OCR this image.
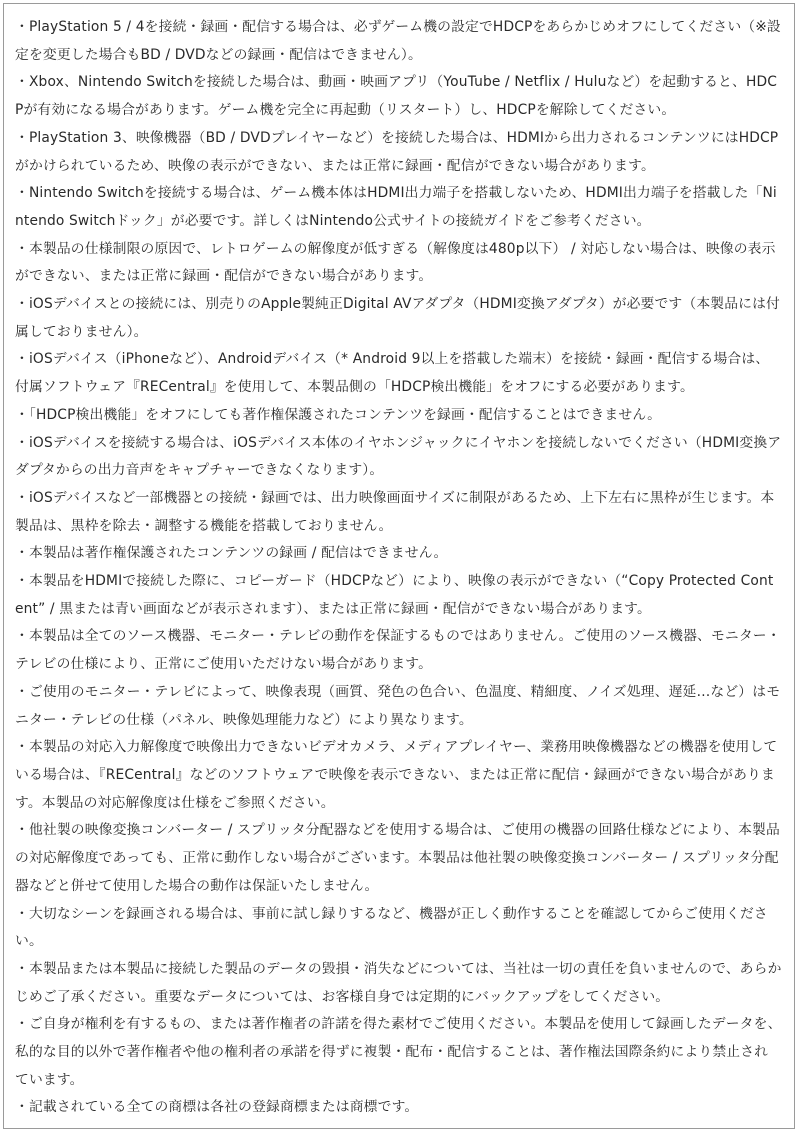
・PlayStation 5 / 4を接続・録画・配信する場合は、必ずゲーム機の設定でHDCPをあらかじめオフにしてください（※設定を変更した場合もBD / DVDなどの録画・配信はできません）。
・Xbox、Nintendo Switchを接続した場合は、動画・映画アプリ（YouTube / Netflix / Huluなど）を起動すると、HDCPが有効になる場合があります。ゲーム機を完全に再起動（リスタート）し、HDCPを解除してください。
・PlayStation 3、映像機器（BD / DVDプレイヤーなど）を接続した場合は、HDMIから出力されるコンテンツにはHDCPがかけられているため、映像の表示ができない、または正常に録画・配信ができない場合があります。
・Nintendo Switchを接続する場合は、ゲーム機本体はHDMI出力端子を搭載しないため、HDMI出力端子を搭載した「Nintendo Switchドック」が必要です。詳しくはNintendo公式サイトの接続ガイドをご参考ください。
・本製品の仕様制限の原因で、レトロゲームの解像度が低すぎる（解像度は480p以下） / 対応しない場合は、映像の表示ができない、または正常に録画・配信ができない場合があります。
・iOSデバイスとの接続には、別売りのApple製純正Digital AVアダプタ（HDMI変換アダプタ）が必要です（本製品には付属しておりません）。
・iOSデバイス（iPhoneなど）、Androidデバイス（* Android 9以上を搭載した端末）を接続・録画・配信する場合は、付属ソフトウェア『RECentral』を使用して、本製品側の「HDCP検出機能」をオフにする必要があります。
・「HDCP検出機能」をオフにしても著作権保護されたコンテンツを録画・配信することはできません。
・iOSデバイスを接続する場合は、iOSデバイス本体のイヤホンジャックにイヤホンを接続しないでください（HDMI変換アダプタからの出力音声をキャプチャーできなくなります）。
・iOSデバイスなど一部機器との接続・録画では、出力映像画面サイズに制限があるため、上下左右に黒枠が生じます。本製品は、黒枠を除去・調整する機能を搭載しておりません。
・本製品は著作権保護されたコンテンツの録画 / 配信はできません。
・本製品をHDMIで接続した際に、コピーガード（HDCPなど）により、映像の表示ができない（“Copy Protected Content” / 黒または青い画面などが表示されます）、または正常に録画・配信ができない場合があります。
・本製品は全てのソース機器、モニター・テレビの動作を保証するものではありません。ご使用のソース機器、モニター・テレビの仕様により、正常にご使用いただけない場合があります。
・ご使用のモニター・テレビによって、映像表現（画質、発色の色合い、色温度、精細度、ノイズ処理、遅延…など）はモニター・テレビの仕様（パネル、映像処理能力など）により異なります。
・本製品の対応入力解像度で映像出力できないビデオカメラ、メディアプレイヤー、業務用映像機器などの機器を使用している場合は、『RECentral』などのソフトウェアで映像を表示できない、または正常に配信・録画ができない場合があります。本製品の対応解像度は仕様をご参照ください。
・他社製の映像変換コンバーター / スプリッタ分配器などを使用する場合は、ご使用の機器の回路仕様などにより、本製品の対応解像度であっても、正常に動作しない場合がございます。本製品は他社製の映像変換コンバーター / スプリッタ分配器などと併せて使用した場合の動作は保証いたしません。
・大切なシーンを録画される場合は、事前に試し録りするなど、機器が正しく動作することを確認してからご使用ください。
・本製品または本製品に接続した製品のデータの毀損・消失などについては、当社は一切の責任を負いませんので、あらかじめご了承ください。重要なデータについては、お客様自身では定期的にバックアップをしてください。
・ご自身が権利を有するもの、または著作権者の許諾を得た素材でご使用ください。本製品を使用して録画したデータを、私的な目的以外で著作権者や他の権利者の承諾を得ずに複製・配布・配信することは、著作権法国際条約により禁止されています。
・記載されている全ての商標は各社の登録商標または商標です。
